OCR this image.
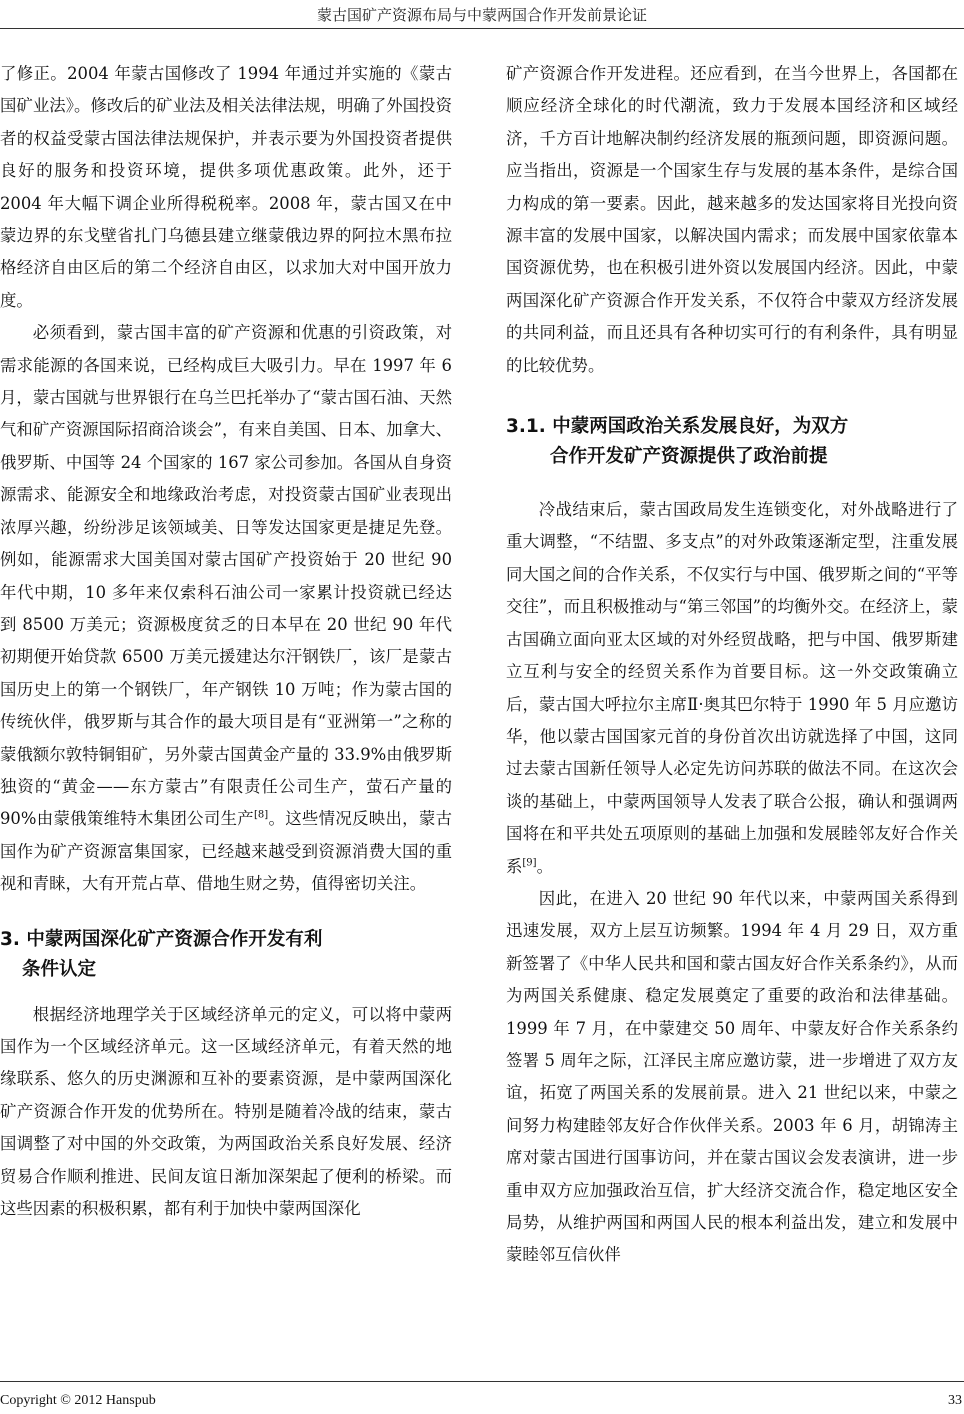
蒙古国矿产资源布局与中蒙两国合作开发前景论证

了修正。2004 年蒙古国修改了 1994 年通过并实施的《蒙古国矿业法》。修改后的矿业法及相关法律法规，明确了外国投资者的权益受蒙古国法律法规保护，并表示要为外国投资者提供良好的服务和投资环境，提供多项优惠政策。此外，还于 2004 年大幅下调企业所得税税率。2008 年，蒙古国又在中蒙边界的东戈壁省扎门乌德县建立继蒙俄边界的阿拉木黑布拉格经济自由区后的第二个经济自由区，以求加大对中国开放力度。

必须看到，蒙古国丰富的矿产资源和优惠的引资政策，对需求能源的各国来说，已经构成巨大吸引力。早在 1997 年 6 月，蒙古国就与世界银行在乌兰巴托举办了“蒙古国石油、天然气和矿产资源国际招商洽谈会”，有来自美国、日本、加拿大、俄罗斯、中国等 24 个国家的 167 家公司参加。各国从自身资源需求、能源安全和地缘政治考虑，对投资蒙古国矿业表现出浓厚兴趣，纷纷涉足该领域美、日等发达国家更是捷足先登。例如，能源需求大国美国对蒙古国矿产投资始于 20 世纪 90 年代中期，10 多年来仅索科石油公司一家累计投资就已经达到 8500 万美元；资源极度贫乏的日本早在 20 世纪 90 年代初期便开始贷款 6500 万美元援建达尔汗钢铁厂，该厂是蒙古国历史上的第一个钢铁厂，年产钢铁 10 万吨；作为蒙古国的传统伙伴，俄罗斯与其合作的最大项目是有“亚洲第一”之称的蒙俄额尔敦特铜钼矿，另外蒙古国黄金产量的 33.9%由俄罗斯独资的“黄金——东方蒙古”有限责任公司生产，萤石产量的 90%由蒙俄策维特木集团公司生产[8]。这些情况反映出，蒙古国作为矿产资源富集国家，已经越来越受到资源消费大国的重视和青睐，大有开荒占草、借地生财之势，值得密切关注。

3. 中蒙两国深化矿产资源合作开发有利
条件认定

根据经济地理学关于区域经济单元的定义，可以将中蒙两国作为一个区域经济单元。这一区域经济单元，有着天然的地缘联系、悠久的历史渊源和互补的要素资源，是中蒙两国深化矿产资源合作开发的优势所在。特别是随着冷战的结束，蒙古国调整了对中国的外交政策，为两国政治关系良好发展、经济贸易合作顺利推进、民间友谊日渐加深架起了便利的桥梁。而这些因素的积极积累，都有利于加快中蒙两国深化

矿产资源合作开发进程。还应看到，在当今世界上，各国都在顺应经济全球化的时代潮流，致力于发展本国经济和区域经济，千方百计地解决制约经济发展的瓶颈问题，即资源问题。应当指出，资源是一个国家生存与发展的基本条件，是综合国力构成的第一要素。因此，越来越多的发达国家将目光投向资源丰富的发展中国家，以解决国内需求；而发展中国家依靠本国资源优势，也在积极引进外资以发展国内经济。因此，中蒙两国深化矿产资源合作开发关系，不仅符合中蒙双方经济发展的共同利益，而且还具有各种切实可行的有利条件，具有明显的比较优势。

3.1. 中蒙两国政治关系发展良好，为双方
合作开发矿产资源提供了政治前提

冷战结束后，蒙古国政局发生连锁变化，对外战略进行了重大调整，“不结盟、多支点”的对外政策逐渐定型，注重发展同大国之间的合作关系，不仅实行与中国、俄罗斯之间的“平等交往”，而且积极推动与“第三邻国”的均衡外交。在经济上，蒙古国确立面向亚太区域的对外经贸战略，把与中国、俄罗斯建立互利与安全的经贸关系作为首要目标。这一外交政策确立后，蒙古国大呼拉尔主席Ⅱ·奥其巴尔特于 1990 年 5 月应邀访华，他以蒙古国国家元首的身份首次出访就选择了中国，这同过去蒙古国新任领导人必定先访问苏联的做法不同。在这次会谈的基础上，中蒙两国领导人发表了联合公报，确认和强调两国将在和平共处五项原则的基础上加强和发展睦邻友好合作关系[9]。

因此，在进入 20 世纪 90 年代以来，中蒙两国关系得到迅速发展，双方上层互访频繁。1994 年 4 月 29 日，双方重新签署了《中华人民共和国和蒙古国友好合作关系条约》，从而为两国关系健康、稳定发展奠定了重要的政治和法律基础。1999 年 7 月，在中蒙建交 50 周年、中蒙友好合作关系条约签署 5 周年之际，江泽民主席应邀访蒙，进一步增进了双方友谊，拓宽了两国关系的发展前景。进入 21 世纪以来，中蒙之间努力构建睦邻友好合作伙伴关系。2003 年 6 月，胡锦涛主席对蒙古国进行国事访问，并在蒙古国议会发表演讲，进一步重申双方应加强政治互信，扩大经济交流合作，稳定地区安全局势，从维护两国和两国人民的根本利益出发，建立和发展中蒙睦邻互信伙伴

Copyright © 2012 Hanspub	33
